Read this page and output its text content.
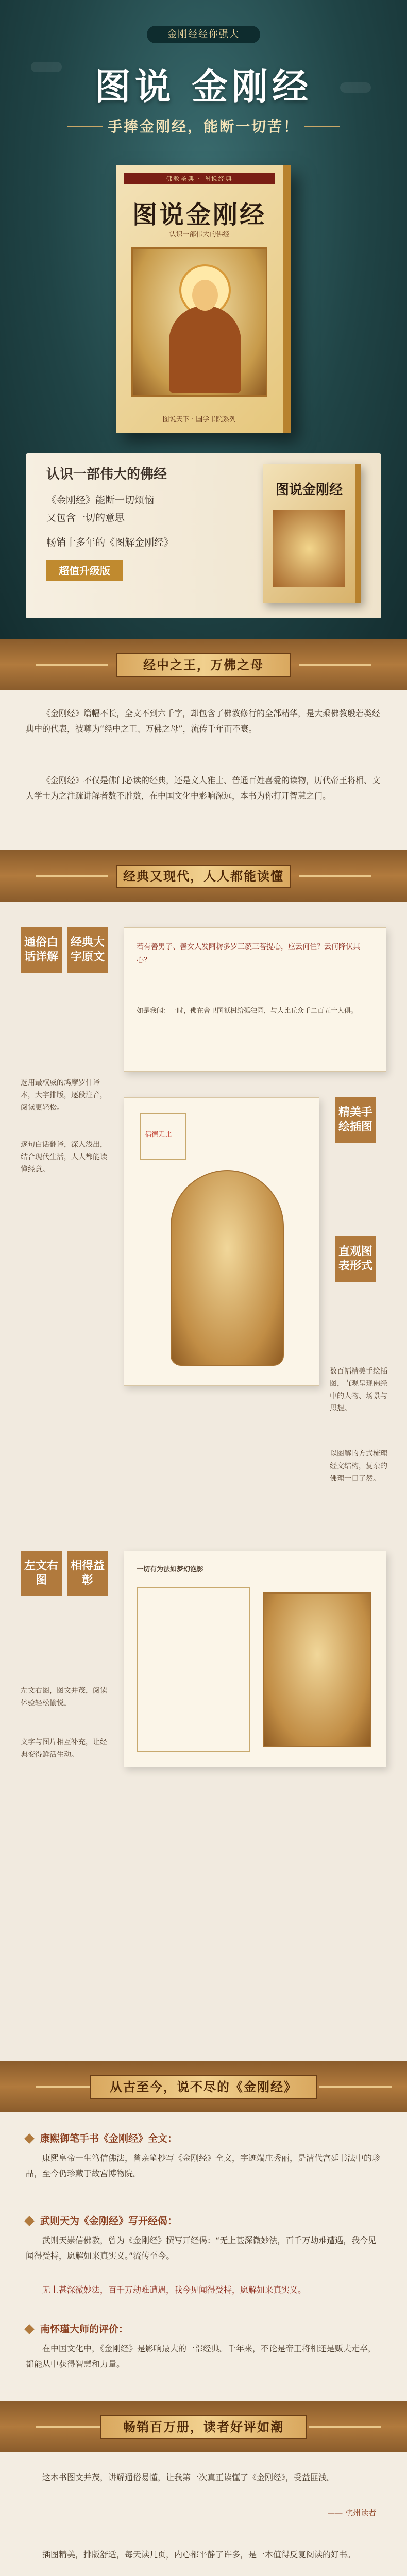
金刚经经你强大
图说 金刚经
手捧金刚经，能断一切苦！
佛教圣典 · 图说经典
图说金刚经
认识一部伟大的佛经
图说天下 · 国学书院系列
认识一部伟大的佛经
《金刚经》能断一切烦恼
又包含一切的意思
畅销十多年的《图解金刚经》
超值升级版
图说金刚经
经中之王，万佛之母

《金刚经》篇幅不长，全文不到六千字，却包含了佛教修行的全部精华，是大乘佛教般若类经典中的代表，被尊为“经中之王、万佛之母”，流传千年而不衰。

《金刚经》不仅是佛门必读的经典，还是文人雅士、普通百姓喜爱的读物，历代帝王将相、文人学士为之注疏讲解者数不胜数，在中国文化中影响深远，本书为你打开智慧之门。

经典又现代，人人都能读懂
经典大字原文
通俗白话详解
选用最权威的鸠摩罗什译本，大字排版，逐段注音，阅读更轻松。
逐句白话翻译，深入浅出，结合现代生活，人人都能读懂经意。
若有善男子、善女人发阿耨多罗三藐三菩提心，应云何住？云何降伏其心？
如是我闻：一时，佛在舍卫国祇树给孤独园，与大比丘众千二百五十人俱。
福德无比
精美手绘插图
直观图表形式
数百幅精美手绘插图，直观呈现佛经中的人物、场景与思想。
以图解的方式梳理经文结构，复杂的佛理一目了然。
左文右图
相得益彰
左文右图，图文并茂，阅读体验轻松愉悦。
文字与图片相互补充，让经典变得鲜活生动。
一切有为法如梦幻泡影
从古至今，说不尽的《金刚经》
康熙御笔手书《金刚经》全文：

康熙皇帝一生笃信佛法，曾亲笔抄写《金刚经》全文，字迹端庄秀丽，是清代宫廷书法中的珍品，至今仍珍藏于故宫博物院。

武则天为《金刚经》写开经偈：

武则天崇信佛教，曾为《金刚经》撰写开经偈：“无上甚深微妙法，百千万劫难遭遇，我今见闻得受持，愿解如来真实义。”流传至今。

无上甚深微妙法，百千万劫难遭遇，我今见闻得受持，愿解如来真实义。

南怀瑾大师的评价：

在中国文化中，《金刚经》是影响最大的一部经典。千年来，不论是帝王将相还是贩夫走卒，都能从中获得智慧和力量。

畅销百万册，读者好评如潮

这本书图文并茂，讲解通俗易懂，让我第一次真正读懂了《金刚经》，受益匪浅。

—— 杭州读者

插图精美，排版舒适，每天读几页，内心都平静了许多，是一本值得反复阅读的好书。
